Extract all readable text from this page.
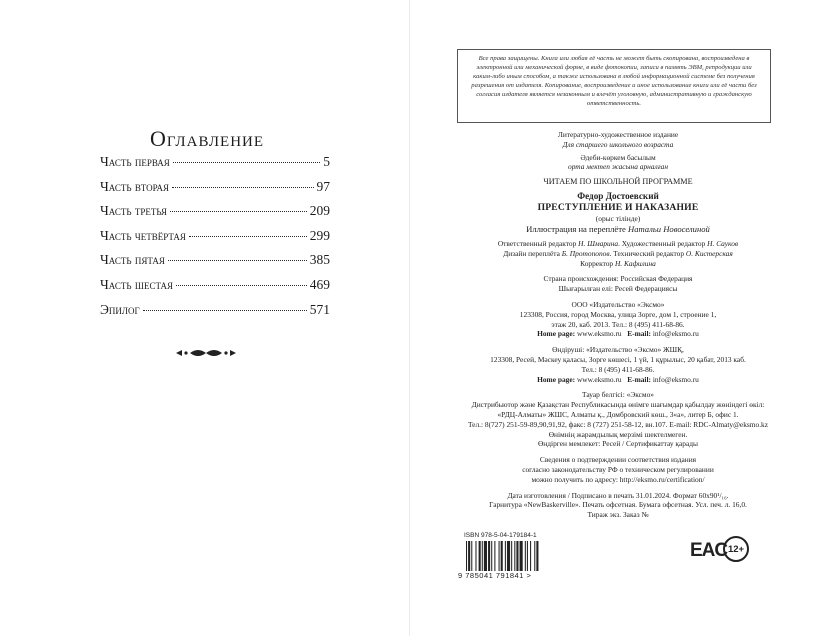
Оглавление
Часть первая	5
Часть вторая	97
Часть третья	209
Часть четвёртая	299
Часть пятая	385
Часть шестая	469
Эпилог	571
Все права защищены. Книга или любая её часть не может быть скопирована, воспроизведена в электронной или механической форме, в виде фотокопии, записи в память ЭВМ, репродукции или каким-либо иным способом, а также использована в любой информационной системе без получения разрешения от издателя. Копирование, воспроизведение и иное использование книги или её части без согласия издателя является незаконным и влечёт уголовную, административную и гражданскую ответственность.
Литературно-художественное издание
Для старшего школьного возраста
Әдеби-көркем басылым
орта мектеп жасына арналған
ЧИТАЕМ ПО ШКОЛЬНОЙ ПРОГРАММЕ
Федор Достоевский
ПРЕСТУПЛЕНИЕ И НАКАЗАНИЕ
(орыс тілінде)
Иллюстрация на переплёте Натальи Новоселиной
Ответственный редактор Н. Шмарина. Художественный редактор Н. Сауков
Дизайн переплёта Б. Протопопов. Технический редактор О. Кистерская
Корректор Н. Кафилина
Страна происхождения: Российская Федерация
Шығарылған елі: Ресей Федерациясы
ООО «Издательство «Эксмо»
123308, Россия, город Москва, улица Зорге, дом 1, строение 1,
этаж 20, каб. 2013. Тел.: 8 (495) 411-68-86.
Home page: www.eksmo.ru E-mail: info@eksmo.ru
Өндіруші: «Издательство «Эксмо» ЖШҚ,
123308, Ресей, Мәскеу қаласы, Зорге көшесі, 1 үй, 1 құрылыс, 20 қабат, 2013 каб.
Тел.: 8 (495) 411-68-86.
Home page: www.eksmo.ru E-mail: info@eksmo.ru
Тауар белгісі: «Эксмо»
Дистрибьютор және Қазақстан Республикасында өнімге шағымдар қабылдау жөніндегі өкіл:
«РДЦ-Алматы» ЖШС, Алматы қ., Домбровский көш., 3«а», литер Б, офис 1.
Тел.: 8(727) 251-59-89,90,91,92, факс: 8 (727) 251-58-12, вн.107. E-mail: RDC-Almaty@eksmo.kz
Өнімнің жарамдылық мерзімі шектелмеген.
Өндірген мемлекет: Ресей / Сертификаттау қарады
Сведения о подтверждении соответствия издания
согласно законодательству РФ о техническом регулировании
можно получить по адресу: http://eksmo.ru/certification/
Дата изготовления / Подписано в печать 31.01.2024. Формат 60x90¹/₁₆.
Гарнитура «NewBaskerville». Печать офсетная. Бумага офсетная. Усл. печ. л. 16,0.
Тираж экз. Заказ №
ISBN 978-5-04-179184-1
9 785041 791841 >
EAC 12+
